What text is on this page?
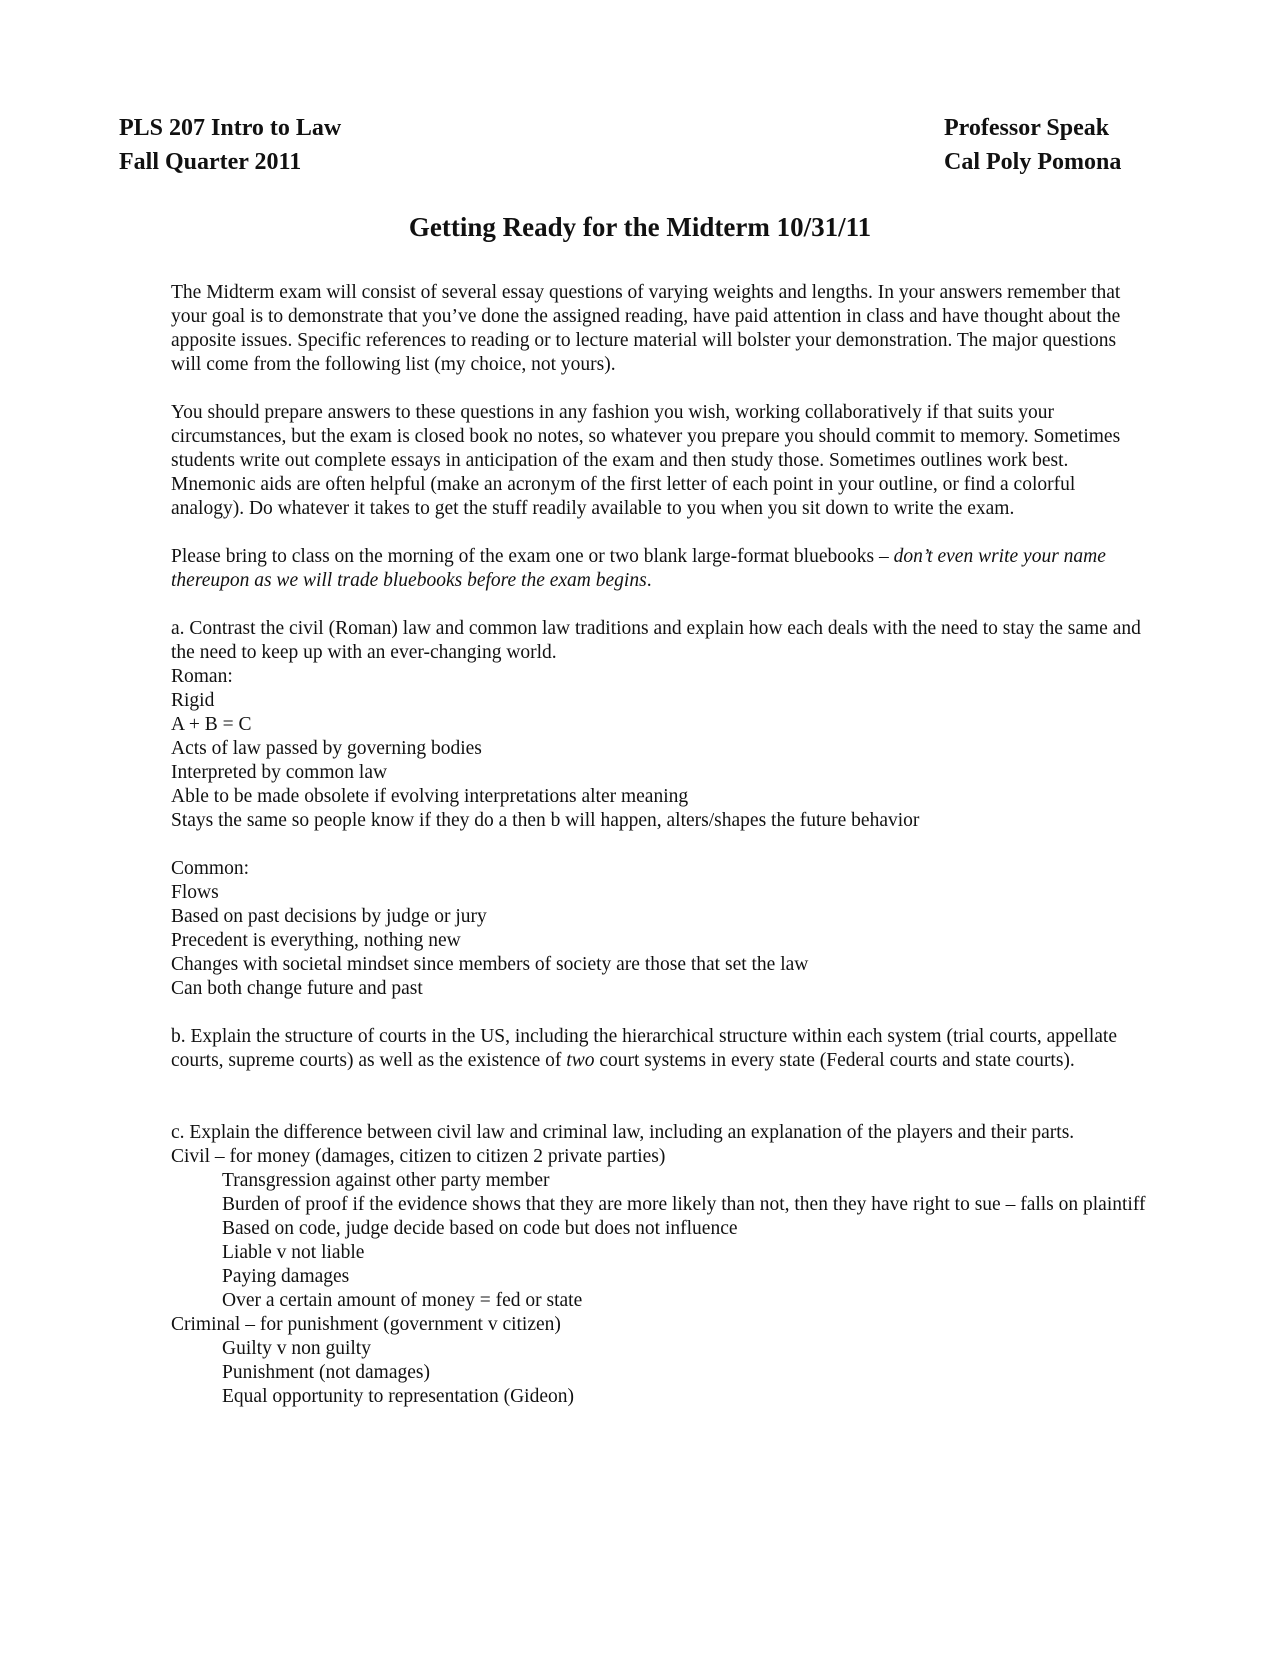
PLS 207 Intro to Law
Fall Quarter 2011
Professor Speak
Cal Poly Pomona
Getting Ready for the Midterm 10/31/11

The Midterm exam will consist of several essay questions of varying weights and lengths. In your answers remember that your goal is to demonstrate that you’ve done the assigned reading, have paid attention in class and have thought about the apposite issues. Specific references to reading or to lecture material will bolster your demonstration. The major questions will come from the following list (my choice, not yours).

You should prepare answers to these questions in any fashion you wish, working collaboratively if that suits your circumstances, but the exam is closed book no notes, so whatever you prepare you should commit to memory. Sometimes students write out complete essays in anticipation of the exam and then study those. Sometimes outlines work best. Mnemonic aids are often helpful (make an acronym of the first letter of each point in your outline, or find a colorful analogy). Do whatever it takes to get the stuff readily available to you when you sit down to write the exam.

Please bring to class on the morning of the exam one or two blank large-format bluebooks – don’t even write your name thereupon as we will trade bluebooks before the exam begins.

a. Contrast the civil (Roman) law and common law traditions and explain how each deals with the need to stay the same and the need to keep up with an ever-changing world.

Roman:

Rigid

A + B = C

Acts of law passed by governing bodies

Interpreted by common law

Able to be made obsolete if evolving interpretations alter meaning

Stays the same so people know if they do a then b will happen, alters/shapes the future behavior

Common:

Flows

Based on past decisions by judge or jury

Precedent is everything, nothing new

Changes with societal mindset since members of society are those that set the law

Can both change future and past

b. Explain the structure of courts in the US, including the hierarchical structure within each system (trial courts, appellate courts, supreme courts) as well as the existence of two court systems in every state (Federal courts and state courts).

c. Explain the difference between civil law and criminal law, including an explanation of the players and their parts.

Civil – for money (damages, citizen to citizen 2 private parties)

Transgression against other party member

Burden of proof if the evidence shows that they are more likely than not, then they have right to sue – falls on plaintiff

Based on code, judge decide based on code but does not influence

Liable v not liable

Paying damages

Over a certain amount of money = fed or state

Criminal – for punishment (government v citizen)

Guilty v non guilty

Punishment (not damages)

Equal opportunity to representation (Gideon)
